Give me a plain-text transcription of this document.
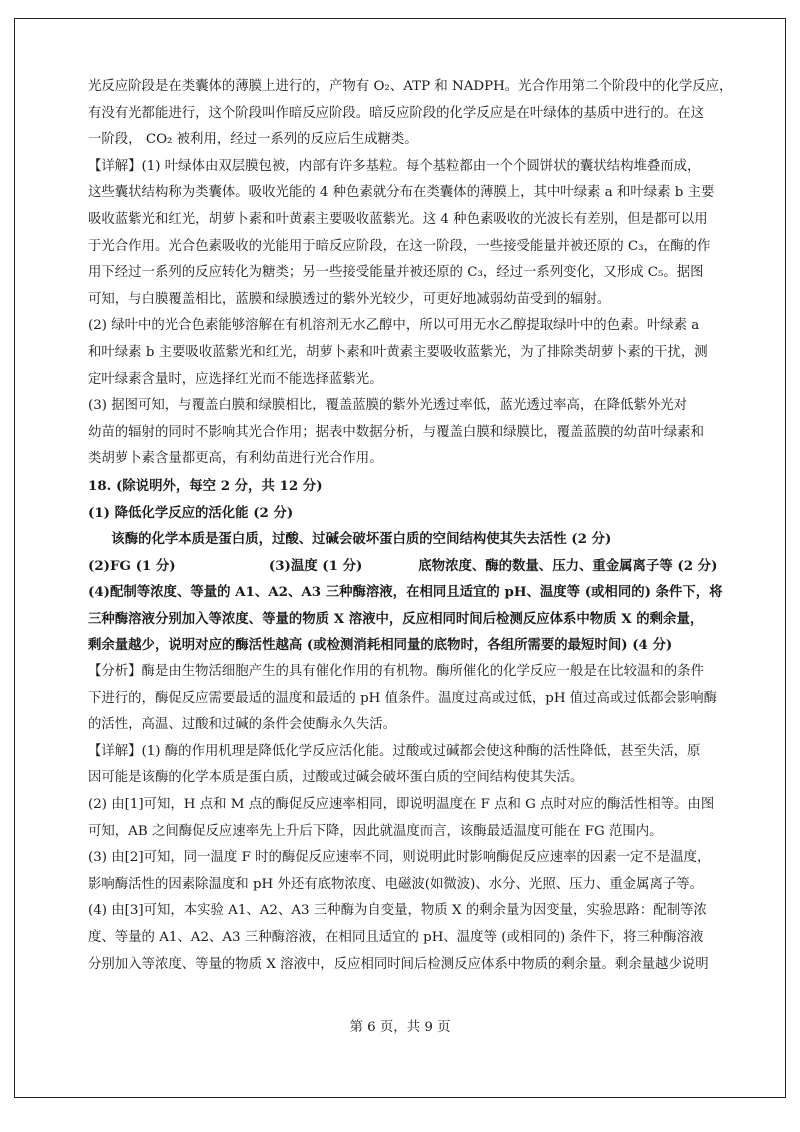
光反应阶段是在类囊体的薄膜上进行的，产物有 O₂、ATP 和 NADPH。光合作用第二个阶段中的化学反应，
有没有光都能进行，这个阶段叫作暗反应阶段。暗反应阶段的化学反应是在叶绿体的基质中进行的。在这
一阶段， CO₂ 被利用，经过一系列的反应后生成糖类。
【详解】(1) 叶绿体由双层膜包被，内部有许多基粒。每个基粒都由一个个圆饼状的囊状结构堆叠而成，
这些囊状结构称为类囊体。吸收光能的 4 种色素就分布在类囊体的薄膜上，其中叶绿素 a 和叶绿素 b 主要
吸收蓝紫光和红光，胡萝卜素和叶黄素主要吸收蓝紫光。这 4 种色素吸收的光波长有差别，但是都可以用
于光合作用。光合色素吸收的光能用于暗反应阶段，在这一阶段，一些接受能量并被还原的 C₃，在酶的作
用下经过一系列的反应转化为糖类；另一些接受能量并被还原的 C₃，经过一系列变化，又形成 C₅。据图
可知，与白膜覆盖相比，蓝膜和绿膜透过的紫外光较少，可更好地减弱幼苗受到的辐射。
(2) 绿叶中的光合色素能够溶解在有机溶剂无水乙醇中，所以可用无水乙醇提取绿叶中的色素。叶绿素 a
和叶绿素 b 主要吸收蓝紫光和红光，胡萝卜素和叶黄素主要吸收蓝紫光，为了排除类胡萝卜素的干扰，测
定叶绿素含量时，应选择红光而不能选择蓝紫光。
(3) 据图可知，与覆盖白膜和绿膜相比，覆盖蓝膜的紫外光透过率低，蓝光透过率高，在降低紫外光对
幼苗的辐射的同时不影响其光合作用；据表中数据分析，与覆盖白膜和绿膜比，覆盖蓝膜的幼苗叶绿素和
类胡萝卜素含量都更高，有利幼苗进行光合作用。
18. (除说明外，每空 2 分，共 12 分)
(1) 降低化学反应的活化能 (2 分)
该酶的化学本质是蛋白质，过酸、过碱会破坏蛋白质的空间结构使其失去活性 (2 分)
(2)FG (1 分)                    (3)温度 (1 分)            底物浓度、酶的数量、压力、重金属离子等 (2 分)
(4)配制等浓度、等量的 A1、A2、A3 三种酶溶液，在相同且适宜的 pH、温度等 (或相同的) 条件下，将
三种酶溶液分别加入等浓度、等量的物质 X 溶液中，反应相同时间后检测反应体系中物质 X 的剩余量，
剩余量越少，说明对应的酶活性越高 (或检测消耗相同量的底物时，各组所需要的最短时间) (4 分)
【分析】酶是由生物活细胞产生的具有催化作用的有机物。酶所催化的化学反应一般是在比较温和的条件
下进行的，酶促反应需要最适的温度和最适的 pH 值条件。温度过高或过低，pH 值过高或过低都会影响酶
的活性，高温、过酸和过碱的条件会使酶永久失活。
【详解】(1) 酶的作用机理是降低化学反应活化能。过酸或过碱都会使这种酶的活性降低，甚至失活，原
因可能是该酶的化学本质是蛋白质，过酸或过碱会破坏蛋白质的空间结构使其失活。
(2) 由[1]可知，H 点和 M 点的酶促反应速率相同，即说明温度在 F 点和 G 点时对应的酶活性相等。由图
可知，AB 之间酶促反应速率先上升后下降，因此就温度而言，该酶最适温度可能在 FG 范围内。
(3) 由[2]可知，同一温度 F 时的酶促反应速率不同，则说明此时影响酶促反应速率的因素一定不是温度，
影响酶活性的因素除温度和 pH 外还有底物浓度、电磁波(如微波)、水分、光照、压力、重金属离子等。
(4) 由[3]可知，本实验 A1、A2、A3 三种酶为自变量，物质 X 的剩余量为因变量，实验思路：配制等浓
度、等量的 A1、A2、A3 三种酶溶液，在相同且适宜的 pH、温度等 (或相同的) 条件下，将三种酶溶液
分别加入等浓度、等量的物质 X 溶液中，反应相同时间后检测反应体系中物质的剩余量。剩余量越少说明
第 6 页，共 9 页
